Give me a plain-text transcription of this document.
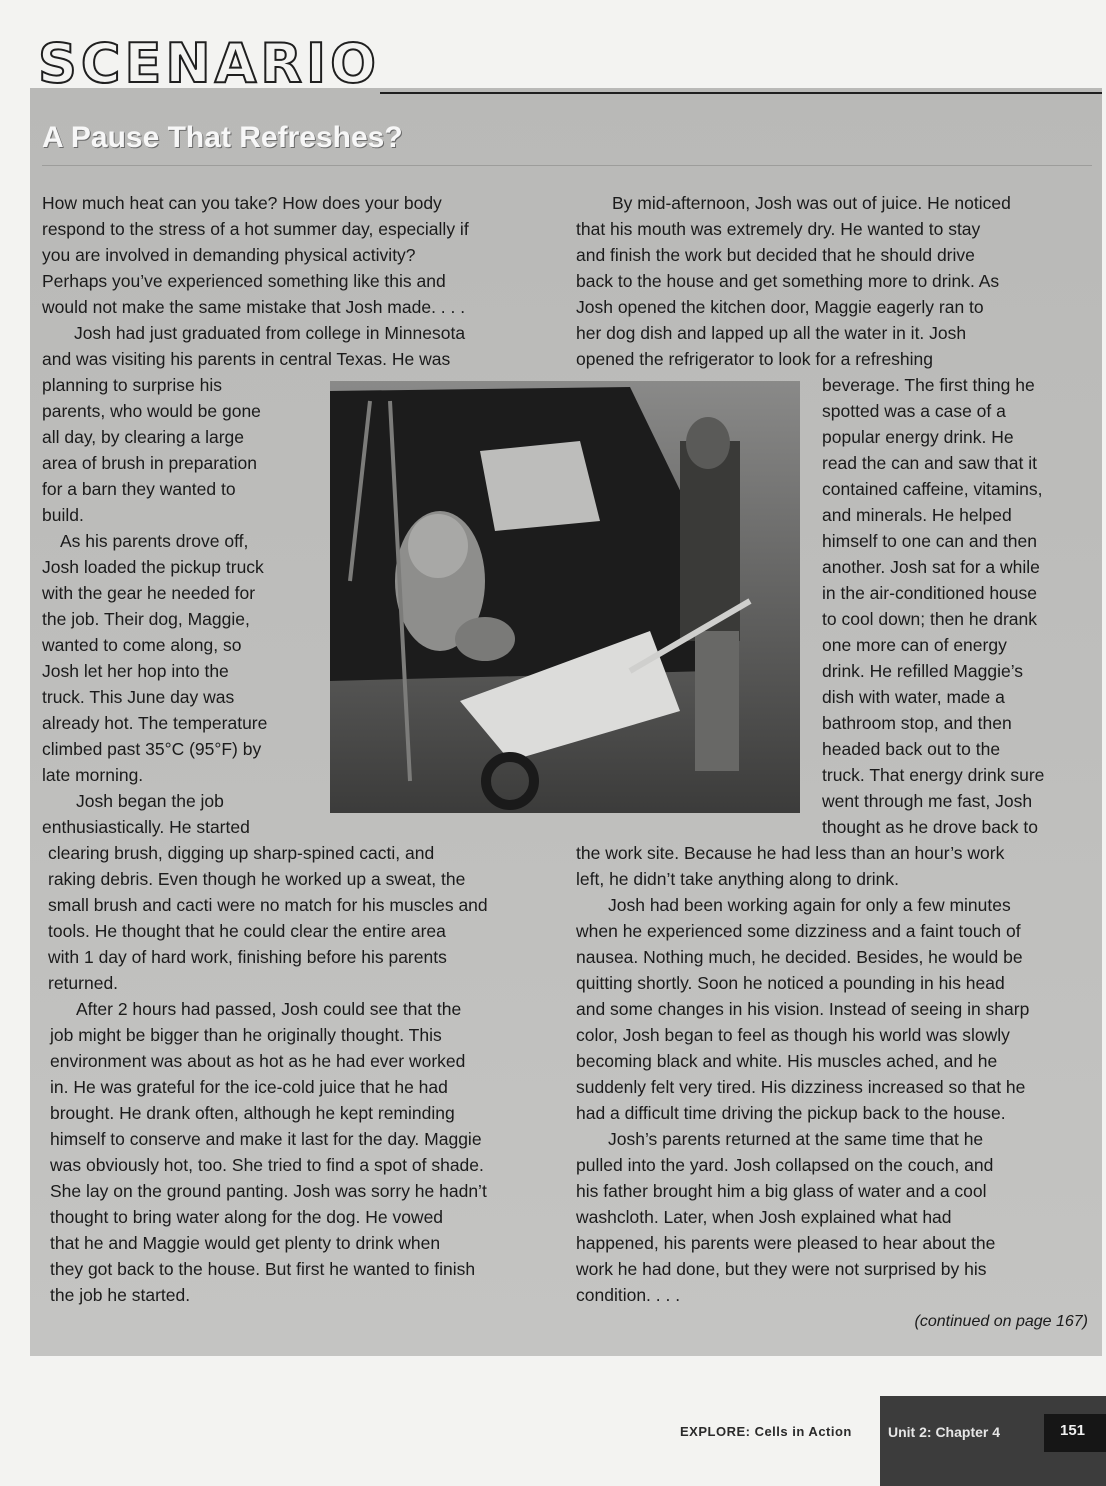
SCENARIO
A Pause That Refreshes?
How much heat can you take? How does your body
respond to the stress of a hot summer day, especially if
you are involved in demanding physical activity?
Perhaps you’ve experienced something like this and
would not make the same mistake that Josh made. . . .
Josh had just graduated from college in Minnesota
and was visiting his parents in central Texas. He was
planning to surprise his
parents, who would be gone
all day, by clearing a large
area of brush in preparation
for a barn they wanted to
build.
As his parents drove off,
Josh loaded the pickup truck
with the gear he needed for
the job. Their dog, Maggie,
wanted to come along, so
Josh let her hop into the
truck. This June day was
already hot. The temperature
climbed past 35°C (95°F) by
late morning.
Josh began the job
enthusiastically. He started
clearing brush, digging up sharp-spined cacti, and
raking debris. Even though he worked up a sweat, the
small brush and cacti were no match for his muscles and
tools. He thought that he could clear the entire area
with 1 day of hard work, finishing before his parents
returned.
After 2 hours had passed, Josh could see that the
job might be bigger than he originally thought. This
environment was about as hot as he had ever worked
in. He was grateful for the ice-cold juice that he had
brought. He drank often, although he kept reminding
himself to conserve and make it last for the day. Maggie
was obviously hot, too. She tried to find a spot of shade.
She lay on the ground panting. Josh was sorry he hadn’t
thought to bring water along for the dog. He vowed
that he and Maggie would get plenty to drink when
they got back to the house. But first he wanted to finish
the job he started.
By mid-afternoon, Josh was out of juice. He noticed
that his mouth was extremely dry. He wanted to stay
and finish the work but decided that he should drive
back to the house and get something more to drink. As
Josh opened the kitchen door, Maggie eagerly ran to
her dog dish and lapped up all the water in it. Josh
opened the refrigerator to look for a refreshing
beverage. The first thing he
spotted was a case of a
popular energy drink. He
read the can and saw that it
contained caffeine, vitamins,
and minerals. He helped
himself to one can and then
another. Josh sat for a while
in the air-conditioned house
to cool down; then he drank
one more can of energy
drink. He refilled Maggie’s
dish with water, made a
bathroom stop, and then
headed back out to the
truck. That energy drink sure
went through me fast, Josh
thought as he drove back to
the work site. Because he had less than an hour’s work
left, he didn’t take anything along to drink.
Josh had been working again for only a few minutes
when he experienced some dizziness and a faint touch of
nausea. Nothing much, he decided. Besides, he would be
quitting shortly. Soon he noticed a pounding in his head
and some changes in his vision. Instead of seeing in sharp
color, Josh began to feel as though his world was slowly
becoming black and white. His muscles ached, and he
suddenly felt very tired. His dizziness increased so that he
had a difficult time driving the pickup back to the house.
Josh’s parents returned at the same time that he
pulled into the yard. Josh collapsed on the couch, and
his father brought him a big glass of water and a cool
washcloth. Later, when Josh explained what had
happened, his parents were pleased to hear about the
work he had done, but they were not surprised by his
condition. . . .
(continued on page 167)
EXPLORE: Cells in Action	Unit 2: Chapter 4	151
